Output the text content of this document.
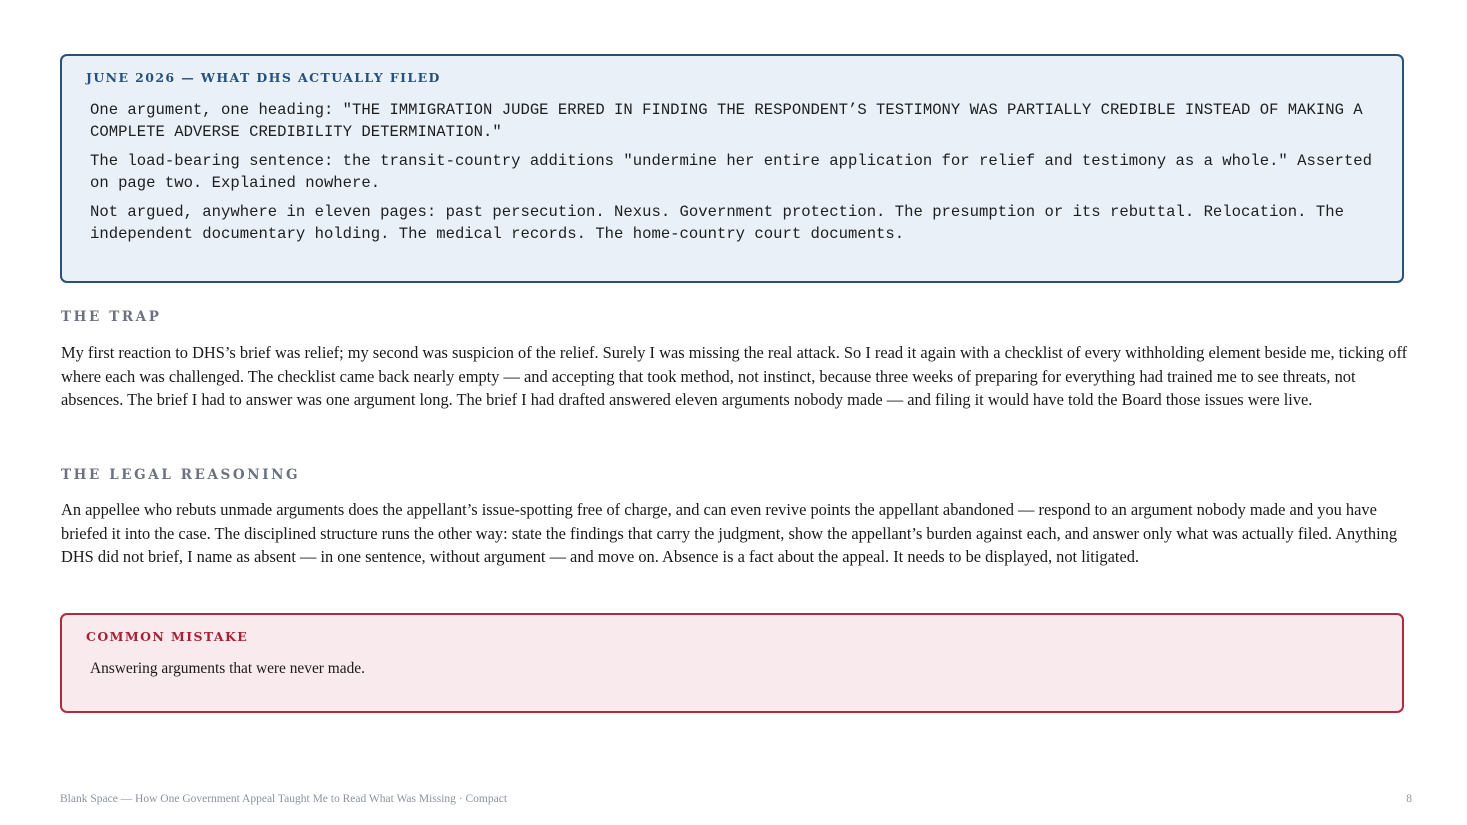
JUNE 2026 — WHAT DHS ACTUALLY FILED

One argument, one heading: "THE IMMIGRATION JUDGE ERRED IN FINDING THE RESPONDENT’S TESTIMONY WAS PARTIALLY CREDIBLE INSTEAD OF MAKING A COMPLETE ADVERSE CREDIBILITY DETERMINATION."

The load-bearing sentence: the transit-country additions "undermine her entire application for relief and testimony as a whole." Asserted on page two. Explained nowhere.

Not argued, anywhere in eleven pages: past persecution. Nexus. Government protection. The presumption or its rebuttal. Relocation. The independent documentary holding. The medical records. The home-country court documents.

THE TRAP

My first reaction to DHS’s brief was relief; my second was suspicion of the relief. Surely I was missing the real attack. So I read it again with a checklist of every withholding element beside me, ticking off where each was challenged. The checklist came back nearly empty — and accepting that took method, not instinct, because three weeks of preparing for everything had trained me to see threats, not absences. The brief I had to answer was one argument long. The brief I had drafted answered eleven arguments nobody made — and filing it would have told the Board those issues were live.

THE LEGAL REASONING

An appellee who rebuts unmade arguments does the appellant’s issue-spotting free of charge, and can even revive points the appellant abandoned — respond to an argument nobody made and you have briefed it into the case. The disciplined structure runs the other way: state the findings that carry the judgment, show the appellant’s burden against each, and answer only what was actually filed. Anything DHS did not brief, I name as absent — in one sentence, without argument — and move on. Absence is a fact about the appeal. It needs to be displayed, not litigated.

COMMON MISTAKE

Answering arguments that were never made.

Blank Space — How One Government Appeal Taught Me to Read What Was Missing · Compact	8
